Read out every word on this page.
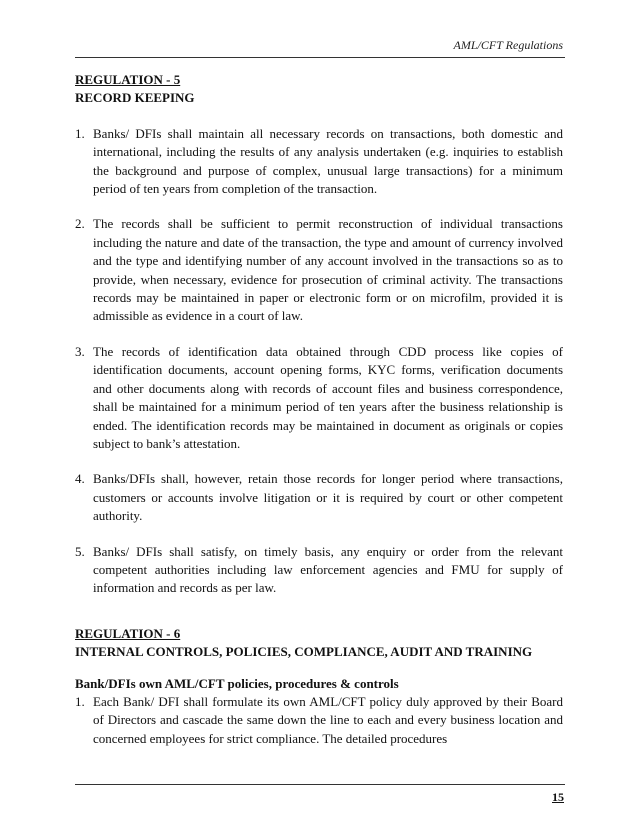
AML/CFT Regulations
REGULATION - 5
RECORD KEEPING
1. Banks/ DFIs shall maintain all necessary records on transactions, both domestic and international, including the results of any analysis undertaken (e.g. inquiries to establish the background and purpose of complex, unusual large transactions) for a minimum period of ten years from completion of the transaction.
2. The records shall be sufficient to permit reconstruction of individual transactions including the nature and date of the transaction, the type and amount of currency involved and the type and identifying number of any account involved in the transactions so as to provide, when necessary, evidence for prosecution of criminal activity. The transactions records may be maintained in paper or electronic form or on microfilm, provided it is admissible as evidence in a court of law.
3. The records of identification data obtained through CDD process like copies of identification documents, account opening forms, KYC forms, verification documents and other documents along with records of account files and business correspondence, shall be maintained for a minimum period of ten years after the business relationship is ended. The identification records may be maintained in document as originals or copies subject to bank’s attestation.
4. Banks/DFIs shall, however, retain those records for longer period where transactions, customers or accounts involve litigation or it is required by court or other competent authority.
5. Banks/ DFIs shall satisfy, on timely basis, any enquiry or order from the relevant competent authorities including law enforcement agencies and FMU for supply of information and records as per law.
REGULATION - 6
INTERNAL CONTROLS, POLICIES, COMPLIANCE, AUDIT AND TRAINING
Bank/DFIs own AML/CFT policies, procedures & controls
1. Each Bank/ DFI shall formulate its own AML/CFT policy duly approved by their Board of Directors and cascade the same down the line to each and every business location and concerned employees for strict compliance. The detailed procedures
15
